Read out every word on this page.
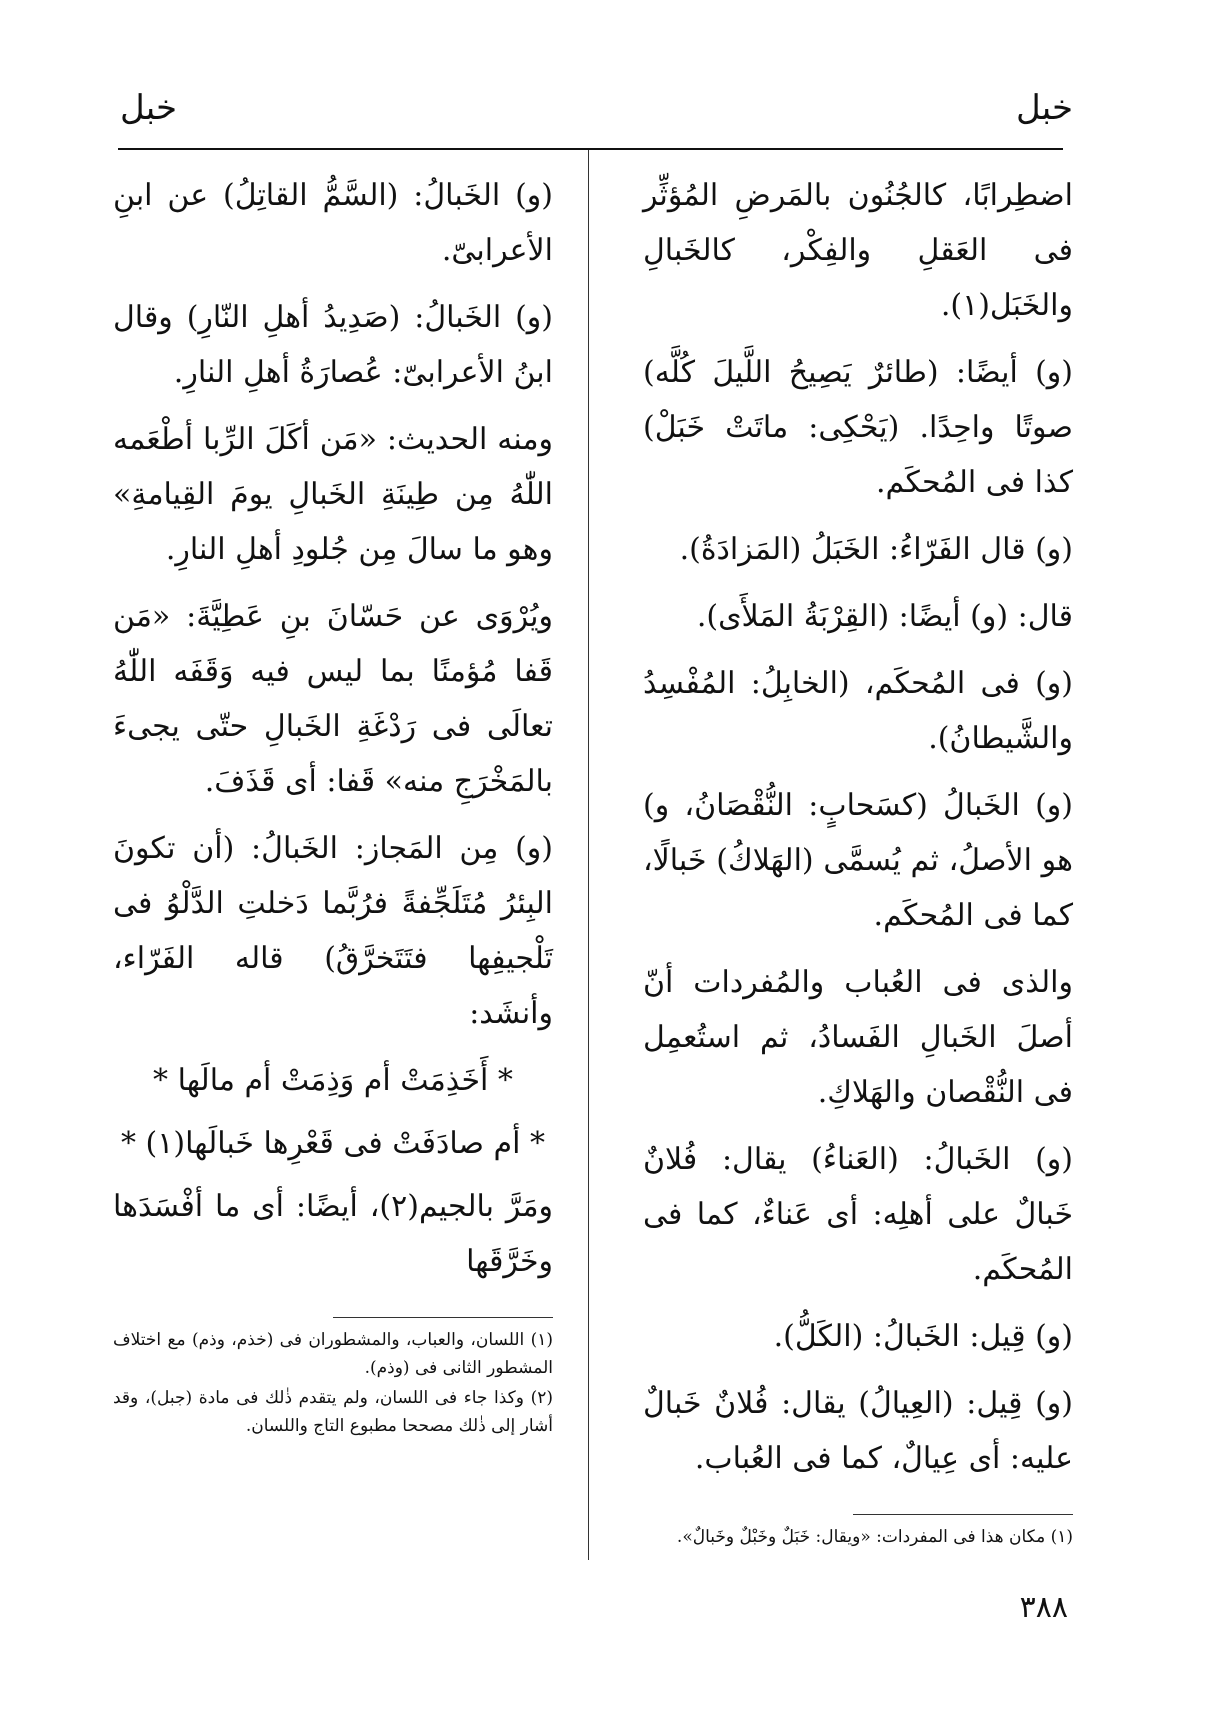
خبل
خبل

اضطِرابًا، كالجُنُون بالمَرضِ المُؤثِّر فى العَقلِ والفِكْر، كالخَبالِ والخَبَل(١).

(و) أيضًا: (طائرٌ يَصِيحُ اللَّيلَ كُلَّه) صوتًا واحِدًا. (يَحْكِى: ماتَتْ خَبَلْ) كذا فى المُحكَم.

(و) قال الفَرّاءُ: الخَبَلُ (المَزادَةُ).

قال: (و) أيضًا: (القِرْبَةُ المَلأَى).

(و) فى المُحكَم، (الخابِلُ: المُفْسِدُ والشَّيطانُ).

(و) الخَبالُ (كسَحابٍ: النُّقْصَانُ، و) هو الأصلُ، ثم يُسمَّى (الهَلاكُ) خَبالًا، كما فى المُحكَم.

والذى فى العُباب والمُفردات أنّ أصلَ الخَبالِ الفَسادُ، ثم استُعمِل فى النُّقْصان والهَلاكِ.

(و) الخَبالُ: (العَناءُ) يقال: فُلانٌ خَبالٌ على أهلِه: أى عَناءٌ، كما فى المُحكَم.

(و) قِيل: الخَبالُ: (الكَلُّ).

(و) قِيل: (العِيالُ) يقال: فُلانٌ خَبالٌ عليه: أى عِيالٌ، كما فى العُباب.

(١) مكان هذا فى المفردات: «ويقال: خَبَلٌ وخَبْلٌ وخَبالٌ».

(و) الخَبالُ: (السَّمُّ القاتِلُ) عن ابنِ الأعرابىّ.

(و) الخَبالُ: (صَدِيدُ أهلِ النّارِ) وقال ابنُ الأعرابىّ: عُصارَةُ أهلِ النارِ.

ومنه الحديث: «مَن أكَلَ الرِّبا أطْعَمه اللّٰهُ مِن طِينَةِ الخَبالِ يومَ القِيامةِ» وهو ما سالَ مِن جُلودِ أهلِ النارِ.

ويُرْوَى عن حَسّانَ بنِ عَطِيَّةَ: «مَن قَفا مُؤمنًا بما ليس فيه وَقَفَه اللّٰهُ تعالَى فى رَدْغَةِ الخَبالِ حتّى يجىءَ بالمَخْرَجِ منه» قَفا: أى قَذَفَ.

(و) مِن المَجاز: الخَبالُ: (أن تكونَ البِئرُ مُتَلَجِّفةً فرُبَّما دَخلتِ الدَّلْوُ فى تَلْجيفِها فتَتَخرَّقُ) قاله الفَرّاء، وأنشَد:

* أَخَذِمَتْ أم وَذِمَتْ أم مالَها *

* أم صادَفَتْ فى قَعْرِها خَبالَها(١) *

ومَرَّ بالجيم(٢)، أيضًا: أى ما أفْسَدَها وخَرَّقَها

(١) اللسان، والعباب، والمشطوران فى (خذم، وذم) مع اختلاف المشطور الثانى فى (وذم).

(٢) وكذا جاء فى اللسان، ولم يتقدم ذٰلك فى مادة (جبل)، وقد أشار إلى ذٰلك مصححا مطبوع التاج واللسان.

٣٨٨
